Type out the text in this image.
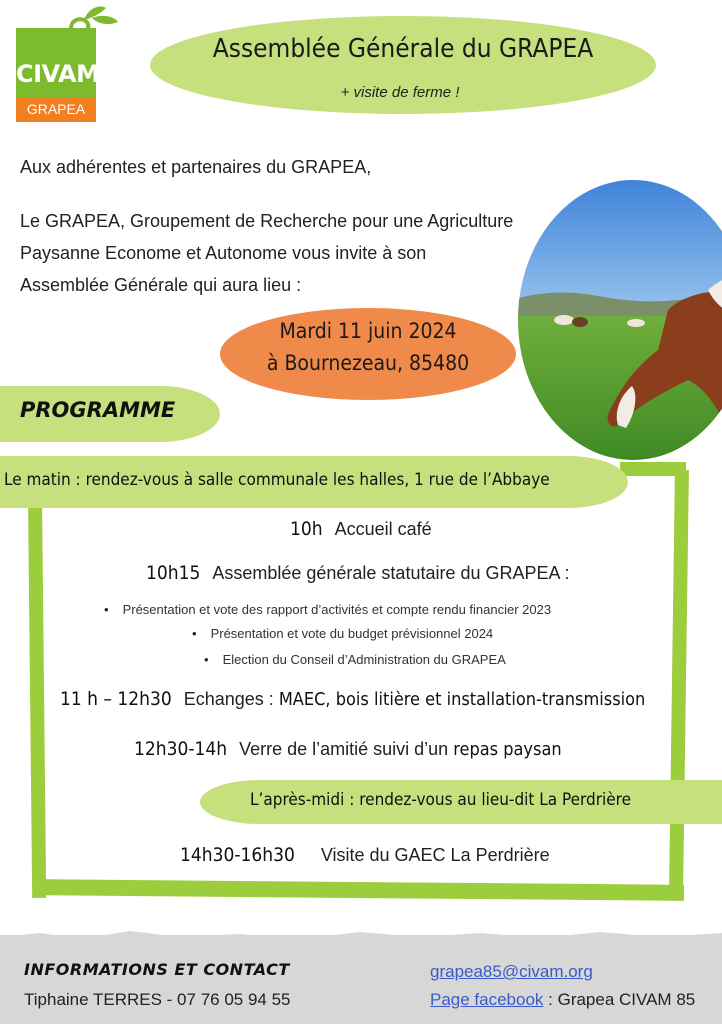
CIVAM
GRAPEA
Assemblée Générale du GRAPEA
+ visite de ferme !
Aux adhérentes et partenaires du GRAPEA,
Le GRAPEA, Groupement de Recherche pour une Agriculture
Paysanne Econome et Autonome vous invite à son
Assemblée Générale qui aura lieu :
Mardi 11 juin 2024
à Bournezeau, 85480
PROGRAMME
Le matin : rendez-vous à salle communale les halles, 1 rue de l’Abbaye
10h Accueil café
10h15 Assemblée générale statutaire du GRAPEA :
• Présentation et vote des rapport d’activités et compte rendu financier 2023
• Présentation et vote du budget prévisionnel 2024
• Election du Conseil d’Administration du GRAPEA
11 h – 12h30 Echanges : MAEC, bois litière et installation-transmission
12h30-14h Verre de l’amitié suivi d’un repas paysan
L’après-midi : rendez-vous au lieu-dit La Perdrière
14h30-16h30 Visite du GAEC La Perdrière
INFORMATIONS ET CONTACT
Tiphaine TERRES - 07 76 05 94 55
grapea85@civam.org
Page facebook : Grapea CIVAM 85
